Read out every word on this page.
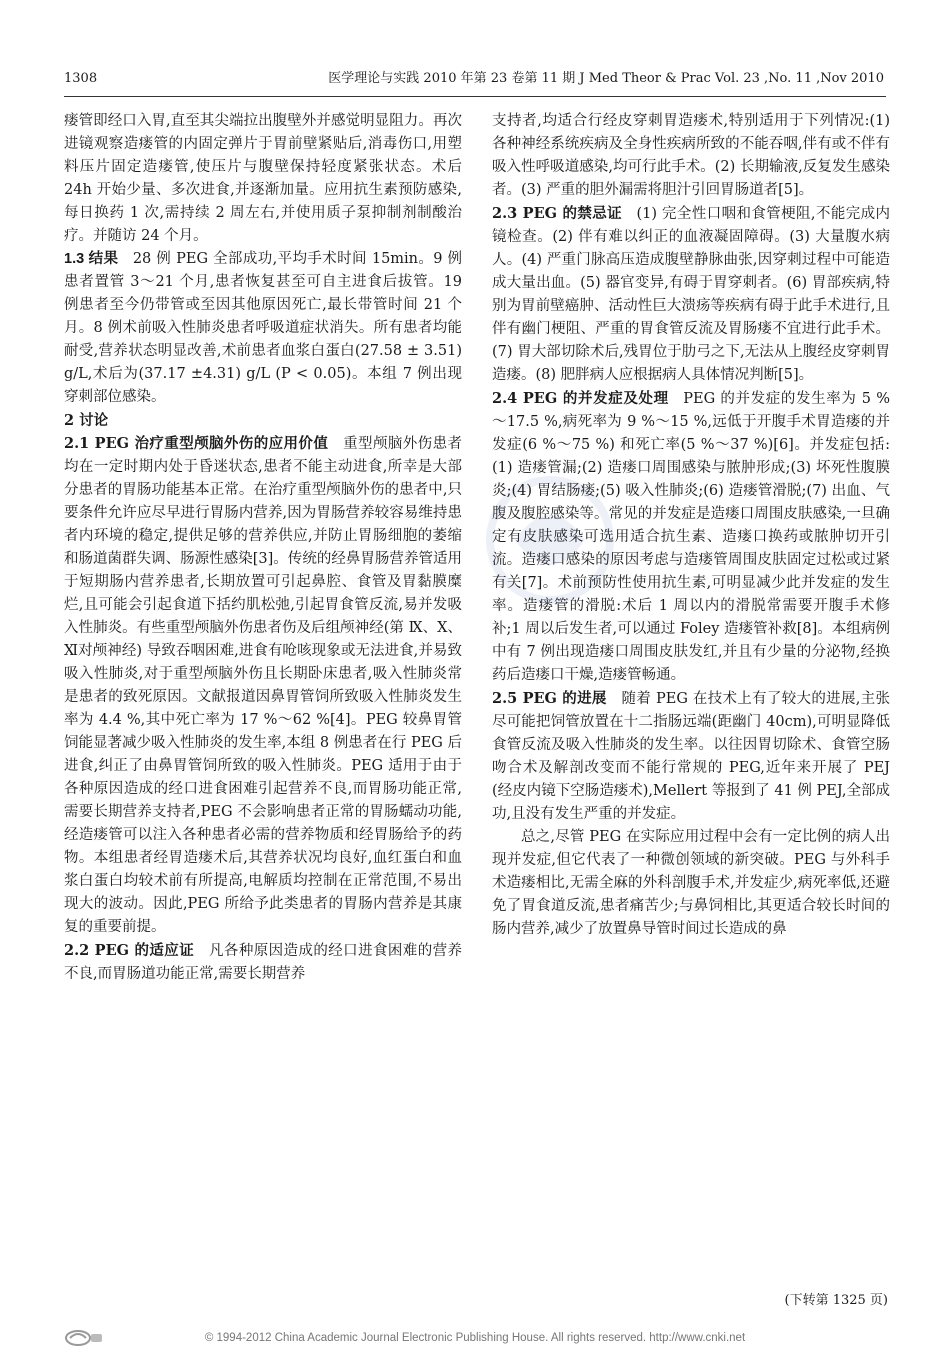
1308	医学理论与实践 2010 年第 23 卷第 11 期 J Med Theor & Prac Vol. 23 ,No. 11 ,Nov 2010

瘘管即经口入胃,直至其尖端拉出腹壁外并感觉明显阻力。再次进镜观察造瘘管的内固定弹片于胃前壁紧贴后,消毒伤口,用塑料压片固定造瘘管,使压片与腹壁保持轻度紧张状态。术后 24h 开始少量、多次进食,并逐渐加量。应用抗生素预防感染,每日换药 1 次,需持续 2 周左右,并使用质子泵抑制剂制酸治疗。并随访 24 个月。

1.3 结果  28 例 PEG 全部成功,平均手术时间 15min。9 例患者置管 3～21 个月,患者恢复甚至可自主进食后拔管。19 例患者至今仍带管或至因其他原因死亡,最长带管时间 21 个月。8 例术前吸入性肺炎患者呼吸道症状消失。所有患者均能耐受,营养状态明显改善,术前患者血浆白蛋白(27.58 ± 3.51) g/L,术后为(37.17 ±4.31) g/L (P < 0.05)。本组 7 例出现穿刺部位感染。

2 讨论

2.1 PEG 治疗重型颅脑外伤的应用价值  重型颅脑外伤患者均在一定时期内处于昏迷状态,患者不能主动进食,所幸是大部分患者的胃肠功能基本正常。在治疗重型颅脑外伤的患者中,只要条件允许应尽早进行胃肠内营养,因为胃肠营养较容易维持患者内环境的稳定,提供足够的营养供应,并防止胃肠细胞的萎缩和肠道菌群失调、肠源性感染[3]。传统的经鼻胃肠营养管适用于短期肠内营养患者,长期放置可引起鼻腔、食管及胃黏膜糜烂,且可能会引起食道下括约肌松弛,引起胃食管反流,易并发吸入性肺炎。有些重型颅脑外伤患者伤及后组颅神经(第 Ⅸ、Ⅹ、Ⅺ对颅神经) 导致吞咽困难,进食有呛咳现象或无法进食,并易致吸入性肺炎,对于重型颅脑外伤且长期卧床患者,吸入性肺炎常是患者的致死原因。文献报道因鼻胃管饲所致吸入性肺炎发生率为 4.4 %,其中死亡率为 17 %～62 %[4]。PEG 较鼻胃管饲能显著减少吸入性肺炎的发生率,本组 8 例患者在行 PEG 后进食,纠正了由鼻胃管饲所致的吸入性肺炎。PEG 适用于由于各种原因造成的经口进食困难引起营养不良,而胃肠功能正常,需要长期营养支持者,PEG 不会影响患者正常的胃肠蠕动功能,经造瘘管可以注入各种患者必需的营养物质和经胃肠给予的药物。本组患者经胃造瘘术后,其营养状况均良好,血红蛋白和血浆白蛋白均较术前有所提高,电解质均控制在正常范围,不易出现大的波动。因此,PEG 所给予此类患者的胃肠内营养是其康复的重要前提。

2.2 PEG 的适应证  凡各种原因造成的经口进食困难的营养不良,而胃肠道功能正常,需要长期营养

支持者,均适合行经皮穿刺胃造瘘术,特别适用于下列情况:(1) 各种神经系统疾病及全身性疾病所致的不能吞咽,伴有或不伴有吸入性呼吸道感染,均可行此手术。(2) 长期输液,反复发生感染者。(3) 严重的胆外漏需将胆汁引回胃肠道者[5]。

2.3 PEG 的禁忌证  (1) 完全性口咽和食管梗阻,不能完成内镜检查。(2) 伴有难以纠正的血液凝固障碍。(3) 大量腹水病人。(4) 严重门脉高压造成腹壁静脉曲张,因穿刺过程中可能造成大量出血。(5) 器官变异,有碍于胃穿刺者。(6) 胃部疾病,特别为胃前壁癌肿、活动性巨大溃疡等疾病有碍于此手术进行,且伴有幽门梗阻、严重的胃食管反流及胃肠瘘不宜进行此手术。(7) 胃大部切除术后,残胃位于肋弓之下,无法从上腹经皮穿刺胃造瘘。(8) 肥胖病人应根据病人具体情况判断[5]。

2.4 PEG 的并发症及处理  PEG 的并发症的发生率为 5 %～17.5 %,病死率为 9 %～15 %,远低于开腹手术胃造瘘的并发症(6 %～75 %) 和死亡率(5 %～37 %)[6]。并发症包括:(1) 造瘘管漏;(2) 造瘘口周围感染与脓肿形成;(3) 坏死性腹膜炎;(4) 胃结肠瘘;(5) 吸入性肺炎;(6) 造瘘管滑脱;(7) 出血、气腹及腹腔感染等。常见的并发症是造瘘口周围皮肤感染,一旦确定有皮肤感染可选用适合抗生素、造瘘口换药或脓肿切开引流。造瘘口感染的原因考虑与造瘘管周围皮肤固定过松或过紧有关[7]。术前预防性使用抗生素,可明显减少此并发症的发生率。造瘘管的滑脱:术后 1 周以内的滑脱常需要开腹手术修补;1 周以后发生者,可以通过 Foley 造瘘管补救[8]。本组病例中有 7 例出现造瘘口周围皮肤发红,并且有少量的分泌物,经换药后造瘘口干燥,造瘘管畅通。

2.5 PEG 的进展  随着 PEG 在技术上有了较大的进展,主张尽可能把饲管放置在十二指肠远端(距幽门 40cm),可明显降低食管反流及吸入性肺炎的发生率。以往因胃切除术、食管空肠吻合术及解剖改变而不能行常规的 PEG,近年来开展了 PEJ (经皮内镜下空肠造瘘术),Mellert 等报到了 41 例 PEJ,全部成功,且没有发生严重的并发症。

总之,尽管 PEG 在实际应用过程中会有一定比例的病人出现并发症,但它代表了一种微创领域的新突破。PEG 与外科手术造瘘相比,无需全麻的外科剖腹手术,并发症少,病死率低,还避免了胃食道反流,患者痛苦少;与鼻饲相比,其更适合较长时间的肠内营养,减少了放置鼻导管时间过长造成的鼻

(下转第 1325 页)
© 1994-2012 China Academic Journal Electronic Publishing House. All rights reserved. http://www.cnki.net
